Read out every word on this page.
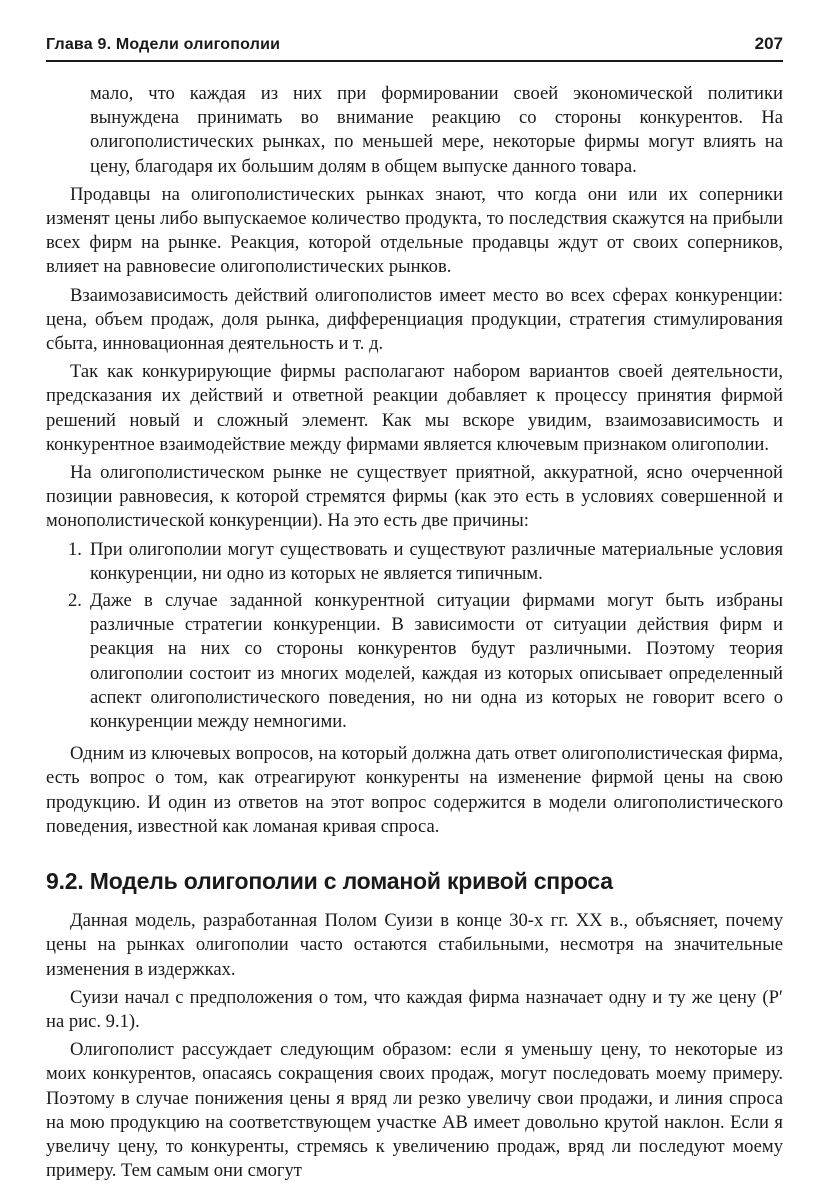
Глава 9. Модели олигополии	207

мало, что каждая из них при формировании своей экономической политики вынуждена принимать во внимание реакцию со стороны конкурентов. На олигополистических рынках, по меньшей мере, некоторые фирмы могут влиять на цену, благодаря их большим долям в общем выпуске данного товара.

Продавцы на олигополистических рынках знают, что когда они или их соперники изменят цены либо выпускаемое количество продукта, то последствия скажутся на прибыли всех фирм на рынке. Реакция, которой отдельные продавцы ждут от своих соперников, влияет на равновесие олигополистических рынков.

Взаимозависимость действий олигополистов имеет место во всех сферах конкуренции: цена, объем продаж, доля рынка, дифференциация продукции, стратегия стимулирования сбыта, инновационная деятельность и т. д.

Так как конкурирующие фирмы располагают набором вариантов своей деятельности, предсказания их действий и ответной реакции добавляет к процессу принятия фирмой решений новый и сложный элемент. Как мы вскоре увидим, взаимозависимость и конкурентное взаимодействие между фирмами является ключевым признаком олигополии.

На олигополистическом рынке не существует приятной, аккуратной, ясно очерченной позиции равновесия, к которой стремятся фирмы (как это есть в условиях совершенной и монополистической конкуренции). На это есть две причины:

1. При олигополии могут существовать и существуют различные материальные условия конкуренции, ни одно из которых не является типичным.
2. Даже в случае заданной конкурентной ситуации фирмами могут быть избраны различные стратегии конкуренции. В зависимости от ситуации действия фирм и реакция на них со стороны конкурентов будут различными. Поэтому теория олигополии состоит из многих моделей, каждая из которых описывает определенный аспект олигополистического поведения, но ни одна из которых не говорит всего о конкуренции между немногими.

Одним из ключевых вопросов, на который должна дать ответ олигополистическая фирма, есть вопрос о том, как отреагируют конкуренты на изменение фирмой цены на свою продукцию. И один из ответов на этот вопрос содержится в модели олигополистического поведения, известной как ломаная кривая спроса.

9.2. Модель олигополии с ломаной кривой спроса

Данная модель, разработанная Полом Суизи в конце 30-х гг. XX в., объясняет, почему цены на рынках олигополии часто остаются стабильными, несмотря на значительные изменения в издержках.

Суизи начал с предположения о том, что каждая фирма назначает одну и ту же цену (P′ на рис. 9.1).

Олигополист рассуждает следующим образом: если я уменьшу цену, то некоторые из моих конкурентов, опасаясь сокращения своих продаж, могут последовать моему примеру. Поэтому в случае понижения цены я вряд ли резко увеличу свои продажи, и линия спроса на мою продукцию на соответствующем участке AB имеет довольно крутой наклон. Если я увеличу цену, то конкуренты, стремясь к увеличению продаж, вряд ли последуют моему примеру. Тем самым они смогут
